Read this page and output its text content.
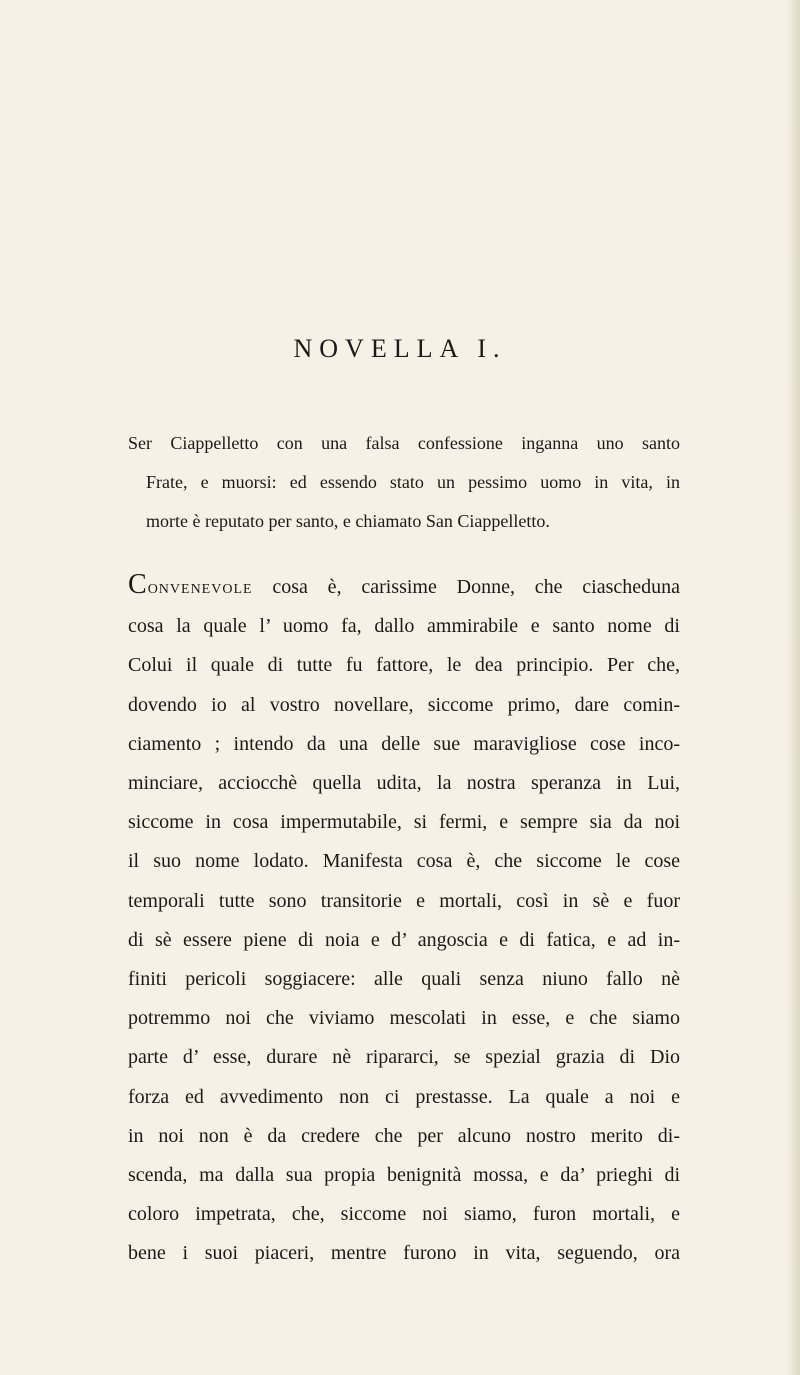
NOVELLA I.
Ser Ciappelletto con una falsa confessione inganna uno santo
Frate, e muorsi: ed essendo stato un pessimo uomo in vita, in
morte è reputato per santo, e chiamato San Ciappelletto.
Convenevole cosa è, carissime Donne, che ciascheduna
cosa la quale l’ uomo fa, dallo ammirabile e santo nome di
Colui il quale di tutte fu fattore, le dea principio. Per che,
dovendo io al vostro novellare, siccome primo, dare comin-
ciamento ; intendo da una delle sue maravigliose cose inco-
minciare, acciocchè quella udita, la nostra speranza in Lui,
siccome in cosa impermutabile, si fermi, e sempre sia da noi
il suo nome lodato. Manifesta cosa è, che siccome le cose
temporali tutte sono transitorie e mortali, così in sè e fuor
di sè essere piene di noia e d’ angoscia e di fatica, e ad in-
finiti pericoli soggiacere: alle quali senza niuno fallo nè
potremmo noi che viviamo mescolati in esse, e che siamo
parte d’ esse, durare nè ripararci, se spezial grazia di Dio
forza ed avvedimento non ci prestasse. La quale a noi e
in noi non è da credere che per alcuno nostro merito di-
scenda, ma dalla sua propia benignità mossa, e da’ prieghi di
coloro impetrata, che, siccome noi siamo, furon mortali, e
bene i suoi piaceri, mentre furono in vita, seguendo, ora
